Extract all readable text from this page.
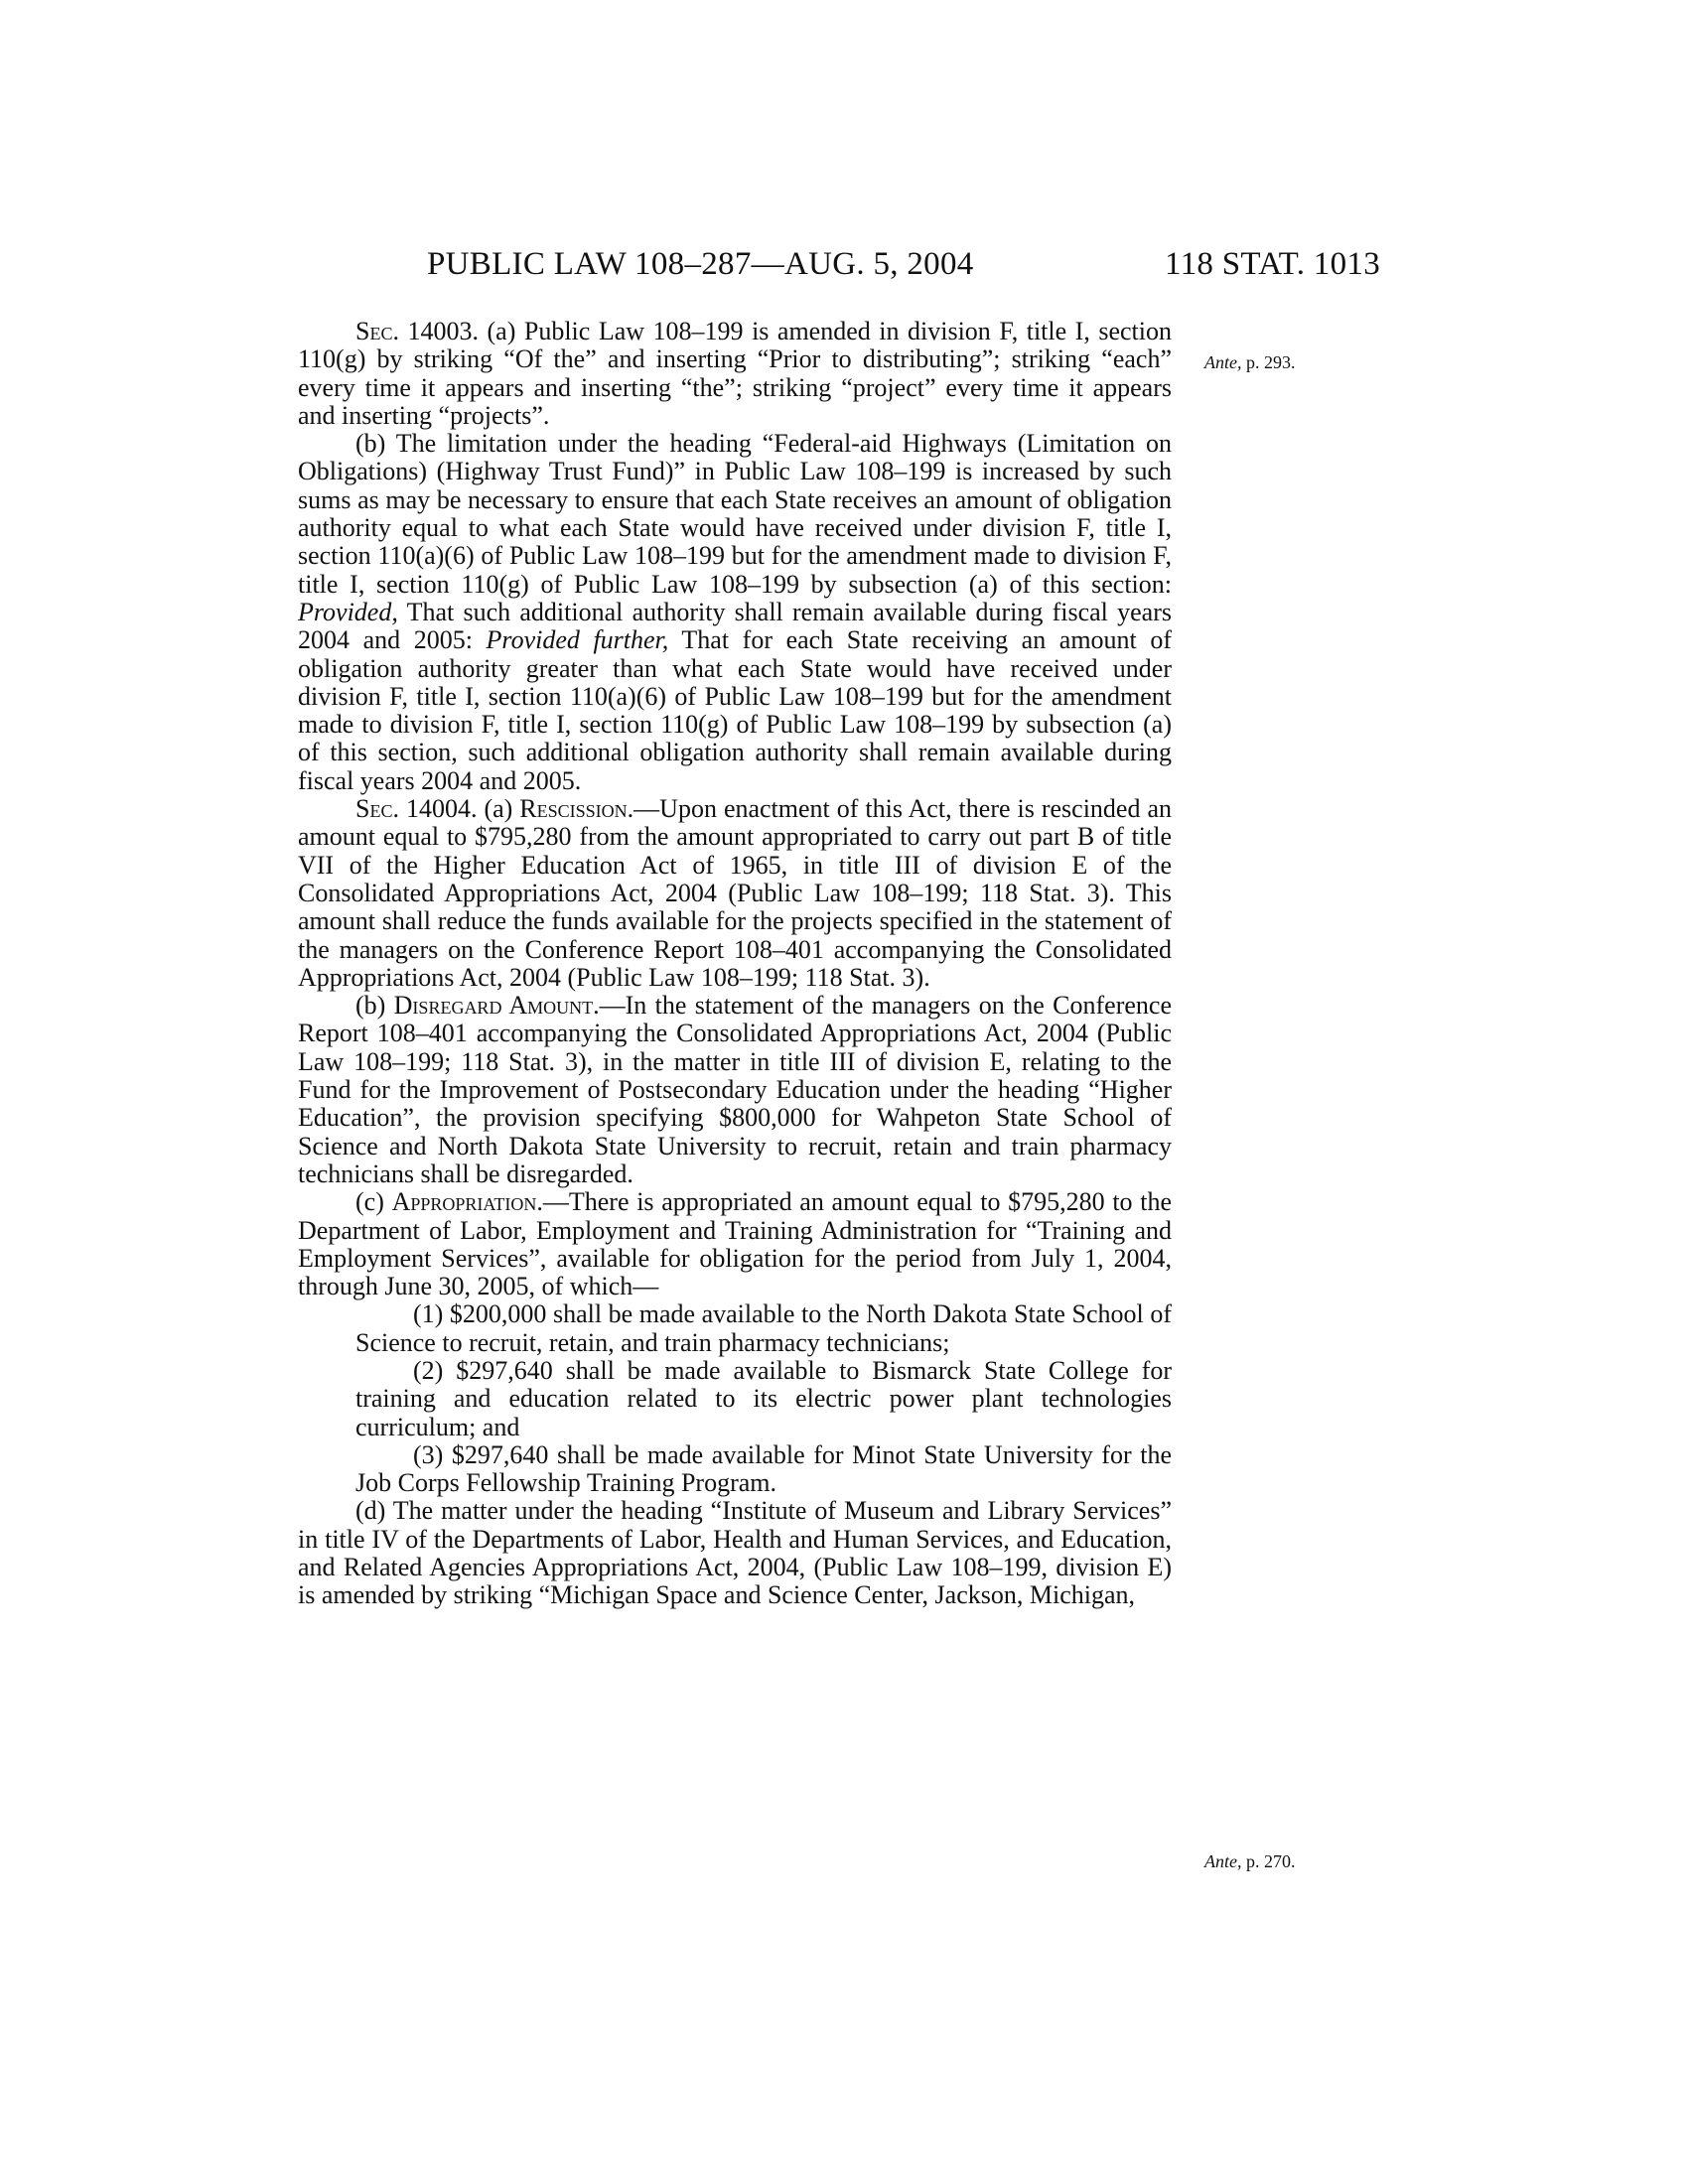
PUBLIC LAW 108–287—AUG. 5, 2004	118 STAT. 1013
Ante, p. 293.
Ante, p. 270.

Sec. 14003. (a) Public Law 108–199 is amended in division F, title I, section 110(g) by striking “Of the” and inserting “Prior to distributing”; striking “each” every time it appears and inserting “the”; striking “project” every time it appears and inserting “projects”.

(b) The limitation under the heading “Federal-aid Highways (Limitation on Obligations) (Highway Trust Fund)” in Public Law 108–199 is increased by such sums as may be necessary to ensure that each State receives an amount of obligation authority equal to what each State would have received under division F, title I, section 110(a)(6) of Public Law 108–199 but for the amendment made to division F, title I, section 110(g) of Public Law 108–199 by subsection (a) of this section: Provided, That such additional authority shall remain available during fiscal years 2004 and 2005: Provided further, That for each State receiving an amount of obligation authority greater than what each State would have received under division F, title I, section 110(a)(6) of Public Law 108–199 but for the amendment made to division F, title I, section 110(g) of Public Law 108–199 by subsection (a) of this section, such additional obligation authority shall remain available during fiscal years 2004 and 2005.

Sec. 14004. (a) Rescission.—Upon enactment of this Act, there is rescinded an amount equal to $795,280 from the amount appropriated to carry out part B of title VII of the Higher Education Act of 1965, in title III of division E of the Consolidated Appropriations Act, 2004 (Public Law 108–199; 118 Stat. 3). This amount shall reduce the funds available for the projects specified in the statement of the managers on the Conference Report 108–401 accompanying the Consolidated Appropriations Act, 2004 (Public Law 108–199; 118 Stat. 3).

(b) Disregard Amount.—In the statement of the managers on the Conference Report 108–401 accompanying the Consolidated Appropriations Act, 2004 (Public Law 108–199; 118 Stat. 3), in the matter in title III of division E, relating to the Fund for the Improvement of Postsecondary Education under the heading “Higher Education”, the provision specifying $800,000 for Wahpeton State School of Science and North Dakota State University to recruit, retain and train pharmacy technicians shall be disregarded.

(c) Appropriation.—There is appropriated an amount equal to $795,280 to the Department of Labor, Employment and Training Administration for “Training and Employment Services”, available for obligation for the period from July 1, 2004, through June 30, 2005, of which—

(1) $200,000 shall be made available to the North Dakota State School of Science to recruit, retain, and train pharmacy technicians;

(2) $297,640 shall be made available to Bismarck State College for training and education related to its electric power plant technologies curriculum; and

(3) $297,640 shall be made available for Minot State University for the Job Corps Fellowship Training Program.

(d) The matter under the heading “Institute of Museum and Library Services” in title IV of the Departments of Labor, Health and Human Services, and Education, and Related Agencies Appropriations Act, 2004, (Public Law 108–199, division E) is amended by striking “Michigan Space and Science Center, Jackson, Michigan,
